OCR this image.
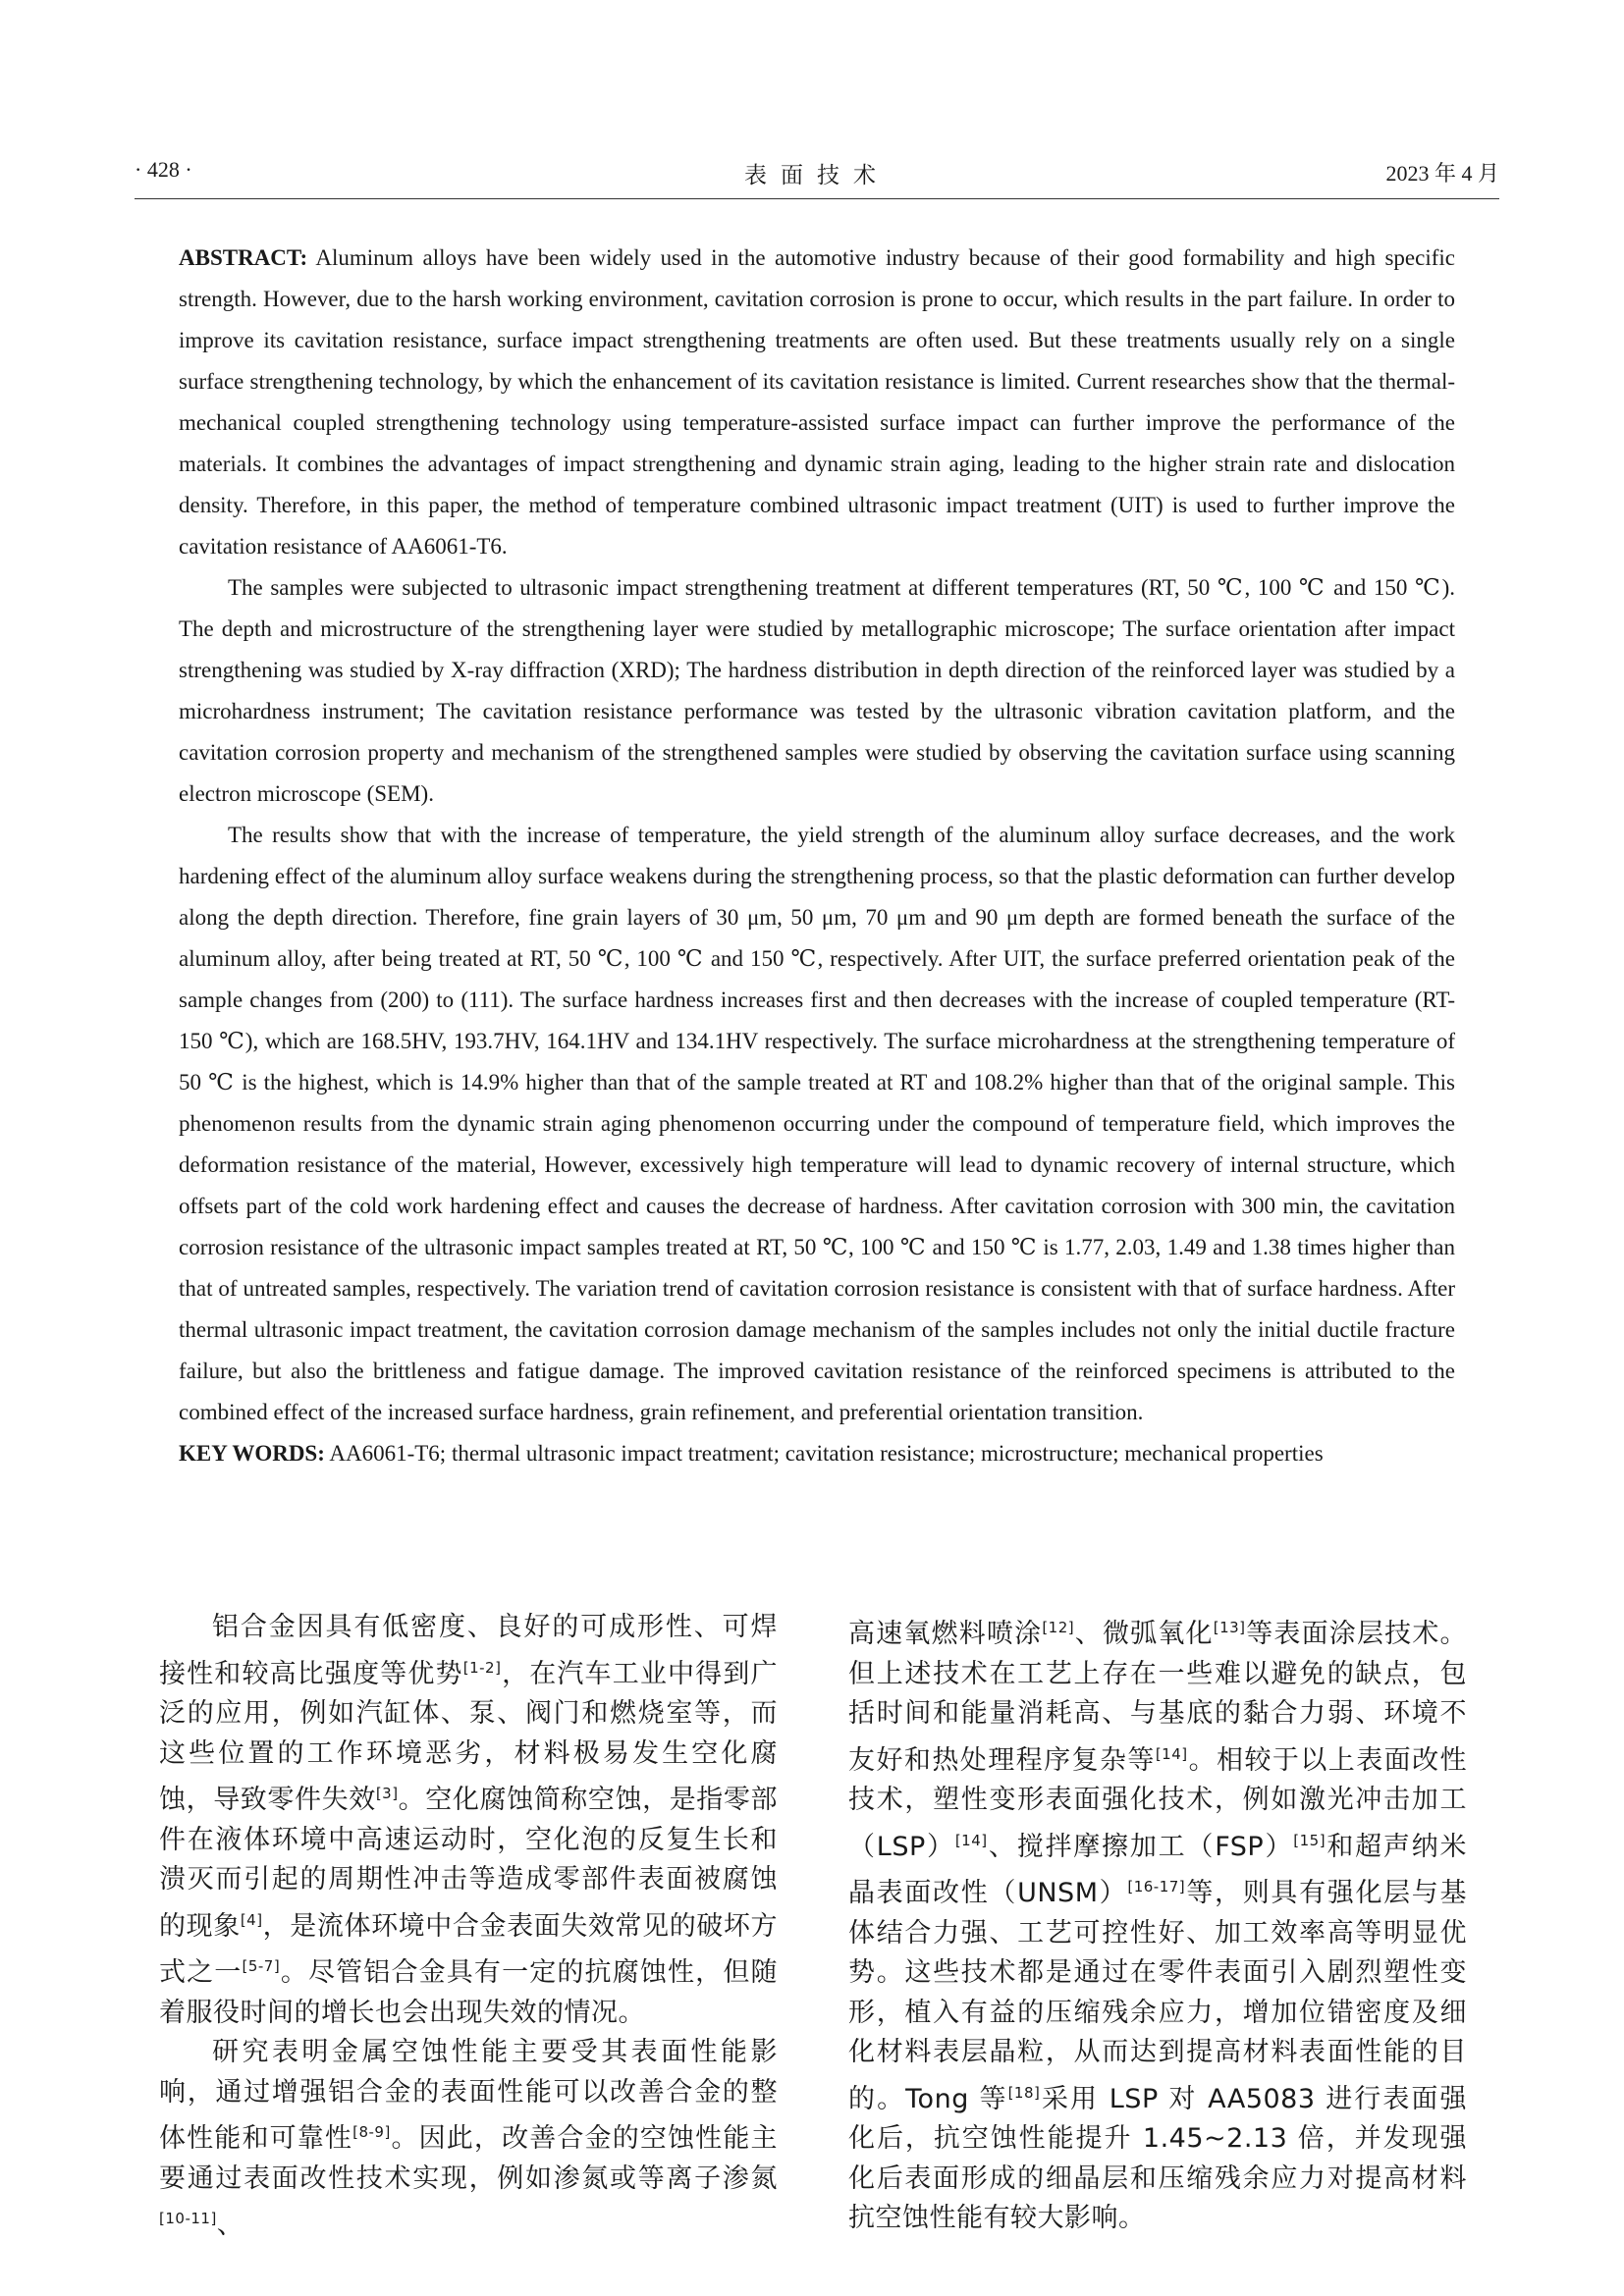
· 428 ·	表面技术	2023 年 4 月

ABSTRACT: Aluminum alloys have been widely used in the automotive industry because of their good formability and high specific strength. However, due to the harsh working environment, cavitation corrosion is prone to occur, which results in the part failure. In order to improve its cavitation resistance, surface impact strengthening treatments are often used. But these treatments usually rely on a single surface strengthening technology, by which the enhancement of its cavitation resistance is limited. Current researches show that the thermal-mechanical coupled strengthening technology using temperature-assisted surface impact can further improve the performance of the materials. It combines the advantages of impact strengthening and dynamic strain aging, leading to the higher strain rate and dislocation density. Therefore, in this paper, the method of temperature combined ultrasonic impact treatment (UIT) is used to further improve the cavitation resistance of AA6061-T6.

The samples were subjected to ultrasonic impact strengthening treatment at different temperatures (RT, 50 ℃, 100 ℃ and 150 ℃). The depth and microstructure of the strengthening layer were studied by metallographic microscope; The surface orientation after impact strengthening was studied by X-ray diffraction (XRD); The hardness distribution in depth direction of the reinforced layer was studied by a microhardness instrument; The cavitation resistance performance was tested by the ultrasonic vibration cavitation platform, and the cavitation corrosion property and mechanism of the strengthened samples were studied by observing the cavitation surface using scanning electron microscope (SEM).

The results show that with the increase of temperature, the yield strength of the aluminum alloy surface decreases, and the work hardening effect of the aluminum alloy surface weakens during the strengthening process, so that the plastic deformation can further develop along the depth direction. Therefore, fine grain layers of 30 μm, 50 μm, 70 μm and 90 μm depth are formed beneath the surface of the aluminum alloy, after being treated at RT, 50 ℃, 100 ℃ and 150 ℃, respectively. After UIT, the surface preferred orientation peak of the sample changes from (200) to (111). The surface hardness increases first and then decreases with the increase of coupled temperature (RT-150 ℃), which are 168.5HV, 193.7HV, 164.1HV and 134.1HV respectively. The surface microhardness at the strengthening temperature of 50 ℃ is the highest, which is 14.9% higher than that of the sample treated at RT and 108.2% higher than that of the original sample. This phenomenon results from the dynamic strain aging phenomenon occurring under the compound of temperature field, which improves the deformation resistance of the material, However, excessively high temperature will lead to dynamic recovery of internal structure, which offsets part of the cold work hardening effect and causes the decrease of hardness. After cavitation corrosion with 300 min, the cavitation corrosion resistance of the ultrasonic impact samples treated at RT, 50 ℃, 100 ℃ and 150 ℃ is 1.77, 2.03, 1.49 and 1.38 times higher than that of untreated samples, respectively. The variation trend of cavitation corrosion resistance is consistent with that of surface hardness. After thermal ultrasonic impact treatment, the cavitation corrosion damage mechanism of the samples includes not only the initial ductile fracture failure, but also the brittleness and fatigue damage. The improved cavitation resistance of the reinforced specimens is attributed to the combined effect of the increased surface hardness, grain refinement, and preferential orientation transition.

KEY WORDS: AA6061-T6; thermal ultrasonic impact treatment; cavitation resistance; microstructure; mechanical properties

铝合金因具有低密度、良好的可成形性、可焊接性和较高比强度等优势[1-2]，在汽车工业中得到广泛的应用，例如汽缸体、泵、阀门和燃烧室等，而这些位置的工作环境恶劣，材料极易发生空化腐蚀，导致零件失效[3]。空化腐蚀简称空蚀，是指零部件在液体环境中高速运动时，空化泡的反复生长和溃灭而引起的周期性冲击等造成零部件表面被腐蚀的现象[4]，是流体环境中合金表面失效常见的破坏方式之一[5-7]。尽管铝合金具有一定的抗腐蚀性，但随着服役时间的增长也会出现失效的情况。

研究表明金属空蚀性能主要受其表面性能影响，通过增强铝合金的表面性能可以改善合金的整体性能和可靠性[8-9]。因此，改善合金的空蚀性能主要通过表面改性技术实现，例如渗氮或等离子渗氮[10-11]、

高速氧燃料喷涂[12]、微弧氧化[13]等表面涂层技术。但上述技术在工艺上存在一些难以避免的缺点，包括时间和能量消耗高、与基底的黏合力弱、环境不友好和热处理程序复杂等[14]。相较于以上表面改性技术，塑性变形表面强化技术，例如激光冲击加工（LSP）[14]、搅拌摩擦加工（FSP）[15]和超声纳米晶表面改性（UNSM）[16-17]等，则具有强化层与基体结合力强、工艺可控性好、加工效率高等明显优势。这些技术都是通过在零件表面引入剧烈塑性变形，植入有益的压缩残余应力，增加位错密度及细化材料表层晶粒，从而达到提高材料表面性能的目的。Tong 等[18]采用 LSP 对 AA5083 进行表面强化后，抗空蚀性能提升 1.45~2.13 倍，并发现强化后表面形成的细晶层和压缩残余应力对提高材料抗空蚀性能有较大影响。
